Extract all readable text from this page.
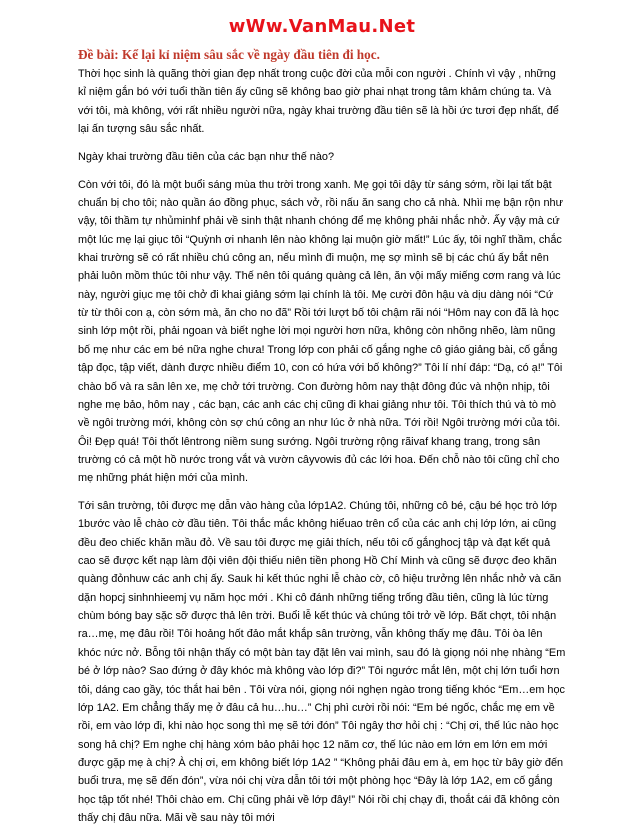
wWw.VanMau.Net
Đề bài: Kể lại kỉ niệm sâu sắc về ngày đầu tiên đi học.

Thời học sinh là quãng thời gian đẹp nhất trong cuộc đời của mỗi con người . Chính vì vậy , những kỉ niệm gắn bó với tuổi thần tiên ấy cũng sẽ không bao giờ phai nhạt trong tâm khảm chúng ta. Và với tôi, mà không, với rất nhiều người nữa, ngày khai trường đầu tiên sẽ là hồi ức tươi đẹp nhất, để lại ấn tượng sâu sắc nhất.

Ngày khai trường đầu tiên của các bạn như thế nào?

Còn với tôi, đó là một buổi sáng mùa thu trời trong xanh. Mẹ gọi tôi dậy từ sáng sớm, rồi lại tất bật chuẩn bị cho tôi; nào quần áo đồng phục, sách vở, rồi nấu ăn sang cho cả nhà. Nhìi mẹ bận rộn như vậy, tôi thầm tự nhủminhf phải về sinh thật nhanh chóng để mẹ không phải nhắc nhở. Ấy vậy mà cứ một lúc mẹ lại giục tôi “Quỳnh ơi nhanh lên nào không lại muộn giờ mất!” Lúc ấy, tôi nghĩ thầm, chắc khai trường sẽ có rất nhiều chú công an, nếu mình đi muộn, mẹ sợ mình sẽ bị các chú ấy bắt nên phải luôn mồm thúc tôi như vậy. Thế nên tôi quáng quàng cả lên, ăn vội mấy miếng cơm rang và lúc này, người giục mẹ tôi chở đi khai giảng sớm lại chính là tôi. Mẹ cười đôn hậu và dịu dàng nói “Cứ từ từ thôi con ạ, còn sớm mà, ăn cho no đã” Rồi tới lượt bố tôi chậm rãi nói “Hôm nay con đã là học sinh lớp một rồi, phải ngoan và biết nghe lời mọi người hơn nữa, không còn nhõng nhẽo, làm nũng bố mẹ như các em bé nữa nghe chưa! Trong lớp con phải cố gắng nghe cô giáo giảng bài, cố gắng tập đọc, tập viết, dành được nhiều điểm 10, con có hứa với bố không?” Tôi lí nhí đáp: “Dạ, có ạ!” Tôi chào bố và ra sân lên xe, mẹ chở tới trường. Con đường hôm nay thật đông đúc và nhộn nhịp, tôi nghe mẹ bảo, hôm nay , các bạn, các anh các chị cũng đi khai giảng như tôi. Tôi thích thú và tò mò về ngôi trường mới, không còn sợ chú công an như lúc ở nhà nữa. Tới rồi! Ngôi trường mới của tôi. Ôi! Đẹp quá! Tôi thốt lêntrong niềm sung sướng. Ngôi trường rộng rãivaf khang trang, trong sân trường có cả một hồ nước trong vắt và vườn câyvowis đủ các lới hoa. Đến chỗ nào tôi cũng chỉ cho mẹ những phát hiện mới của mình.

Tới sân trường, tôi được mẹ dẫn vào hàng của lớp1A2. Chúng tôi, những cô bé, cậu bé học trò lớp 1bước vào lễ chào cờ đầu tiên. Tôi thắc mắc không hiểuao trên cổ của các anh chị lớp lớn, ai cũng đều đeo chiếc khăn mầu đỏ. Về sau tôi được mẹ giải thích, nếu tôi cố gắnghocj tập và đạt kết quả cao sẽ được kết nạp làm đội viên đội thiếu niên tiền phong Hồ Chí Minh và cũng sẽ được đeo khăn quàng đỏnhuw các anh chị ấy. Sauk hi kết thúc nghi lễ chào cờ, cô hiệu trưởng lên nhắc nhở và căn dặn hopcj sinhnhieemj vụ năm học mới . Khi cô đánh những tiếng trống đầu tiên, cũng là lúc từng chùm bóng bay sặc sỡ được thả lên trời. Buổi lễ kết thúc và chúng tôi trở về lớp. Bất chợt, tôi nhận ra…mẹ, mẹ đâu rồi! Tôi hoảng hốt đảo mắt khắp sân trường, vẫn không thấy mẹ đâu. Tôi òa lên khóc nức nở. Bỗng tôi nhận thấy có một bàn tay đặt lên vai mình, sau đó là giọng nói nhẹ nhàng “Em bé ở lớp nào? Sao đứng ở đây khóc mà không vào lớp đi?” Tôi ngước mắt lên, một chị lớn tuổi hơn tôi, dáng cao gầy, tóc thắt hai bên . Tôi vừa nói, giọng nói nghẹn ngào trong tiếng khóc “Em…em học lớp 1A2. Em chẳng thấy mẹ ở đâu cả hu…hu…” Chị phì cười rồi nói: “Em bé ngốc, chắc mẹ em về rồi, em vào lớp đi, khi nào học song thì mẹ sẽ tới đón” Tôi ngây thơ hỏi chị : “Chị ơi, thế lúc nào học song hả chị? Em nghe chị hàng xóm bảo phải học 12 năm cơ, thế lúc nào em lớn em lớn em mới được gặp mẹ à chị? À chị ơi, em không biết lớp 1A2 ” “Không phải đâu em à, em học từ bây giờ đến buổi trưa, mẹ sẽ đến đón”, vừa nói chị vừa dẫn tôi tới một phòng học “Đây là lớp 1A2, em cố gắng học tập tốt nhé! Thôi chào em. Chị cũng phải về lớp đây!” Nói rồi chị chạy đi, thoắt cái đã không còn thấy chị đâu nữa. Mãi về sau này tôi mới
